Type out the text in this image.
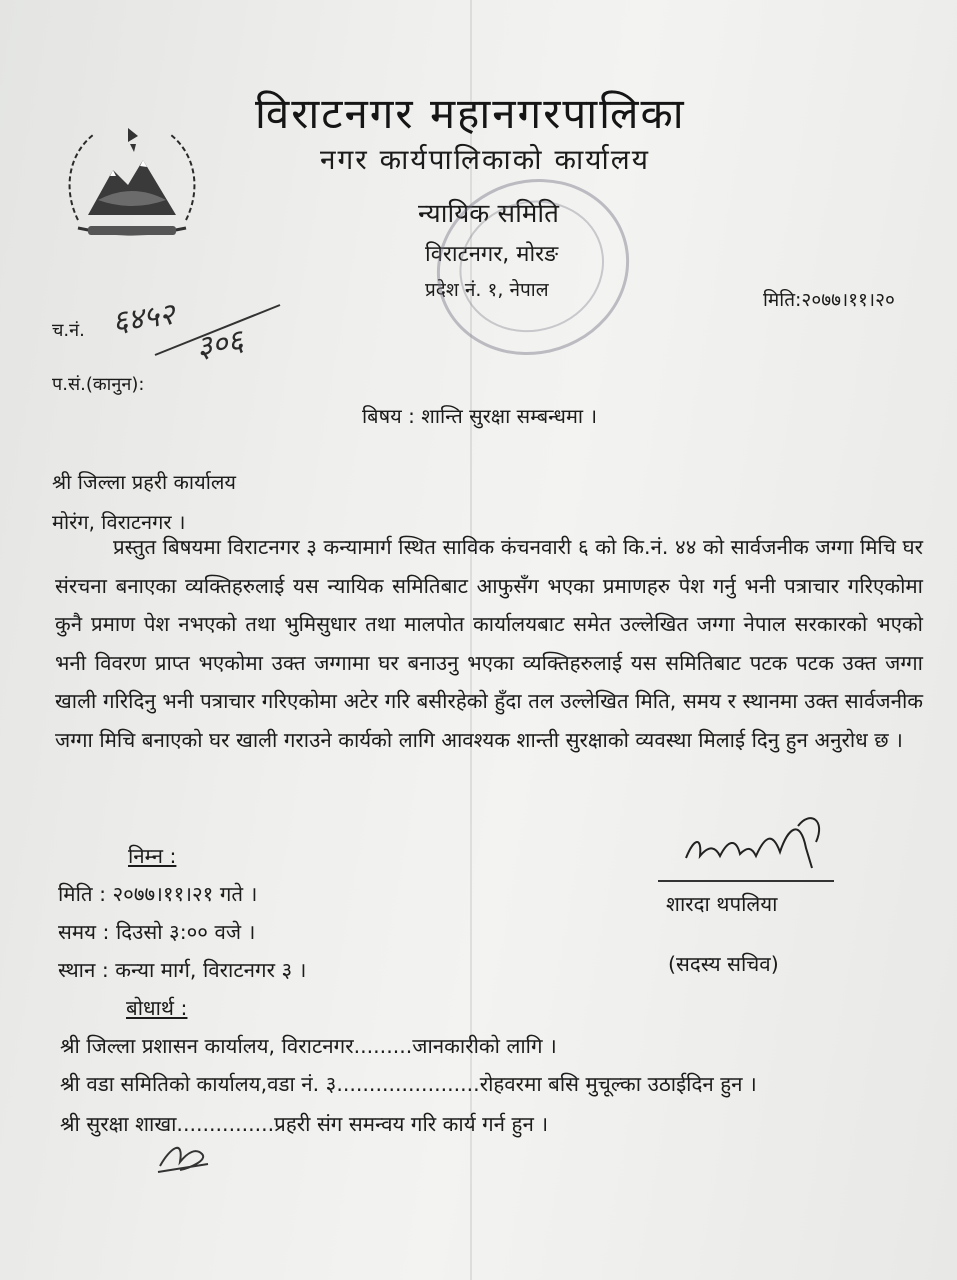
विराटनगर महानगरपालिका
नगर कार्यपालिकाको कार्यालय
न्यायिक समिति
विराटनगर, मोरङ
प्रदेश नं. १, नेपाल	मिति:२०७७।११।२०
च.नं. ६४५२
३०६
प.सं.(कानुन):
बिषय : शान्ति सुरक्षा सम्बन्धमा ।
श्री जिल्ला प्रहरी कार्यालय
मोरंग, विराटनगर ।
प्रस्तुत बिषयमा विराटनगर ३ कन्यामार्ग स्थित साविक कंचनवारी ६ को कि.नं. ४४ को सार्वजनीक जग्गा मिचि घर संरचना बनाएका व्यक्तिहरुलाई यस न्यायिक समितिबाट आफुसँग भएका प्रमाणहरु पेश गर्नु भनी पत्राचार गरिएकोमा कुनै प्रमाण पेश नभएको तथा भुमिसुधार तथा मालपोत कार्यालयबाट समेत उल्लेखित जग्गा नेपाल सरकारको भएको भनी विवरण प्राप्त भएकोमा उक्त जग्गामा घर बनाउनु भएका व्यक्तिहरुलाई यस समितिबाट पटक पटक उक्त जग्गा खाली गरिदिनु भनी पत्राचार गरिएकोमा अटेर गरि बसीरहेको हुँदा तल उल्लेखित मिति, समय र स्थानमा उक्त सार्वजनीक जग्गा मिचि बनाएको घर खाली गराउने कार्यको लागि आवश्यक शान्ती सुरक्षाको व्यवस्था मिलाई दिनु हुन अनुरोध छ ।
निम्न :
मिति : २०७७।११।२१ गते ।
समय : दिउसो ३:०० वजे ।
स्थान : कन्या मार्ग, विराटनगर ३ ।
शारदा थपलिया
(सदस्य सचिव)
बोधार्थ :
श्री जिल्ला प्रशासन कार्यालय, विराटनगर.........जानकारीको लागि ।
श्री वडा समितिको कार्यालय,वडा नं. ३......................रोहवरमा बसि मुचूल्का उठाईदिन हुन ।
श्री सुरक्षा शाखा...............प्रहरी संग समन्वय गरि कार्य गर्न हुन ।
